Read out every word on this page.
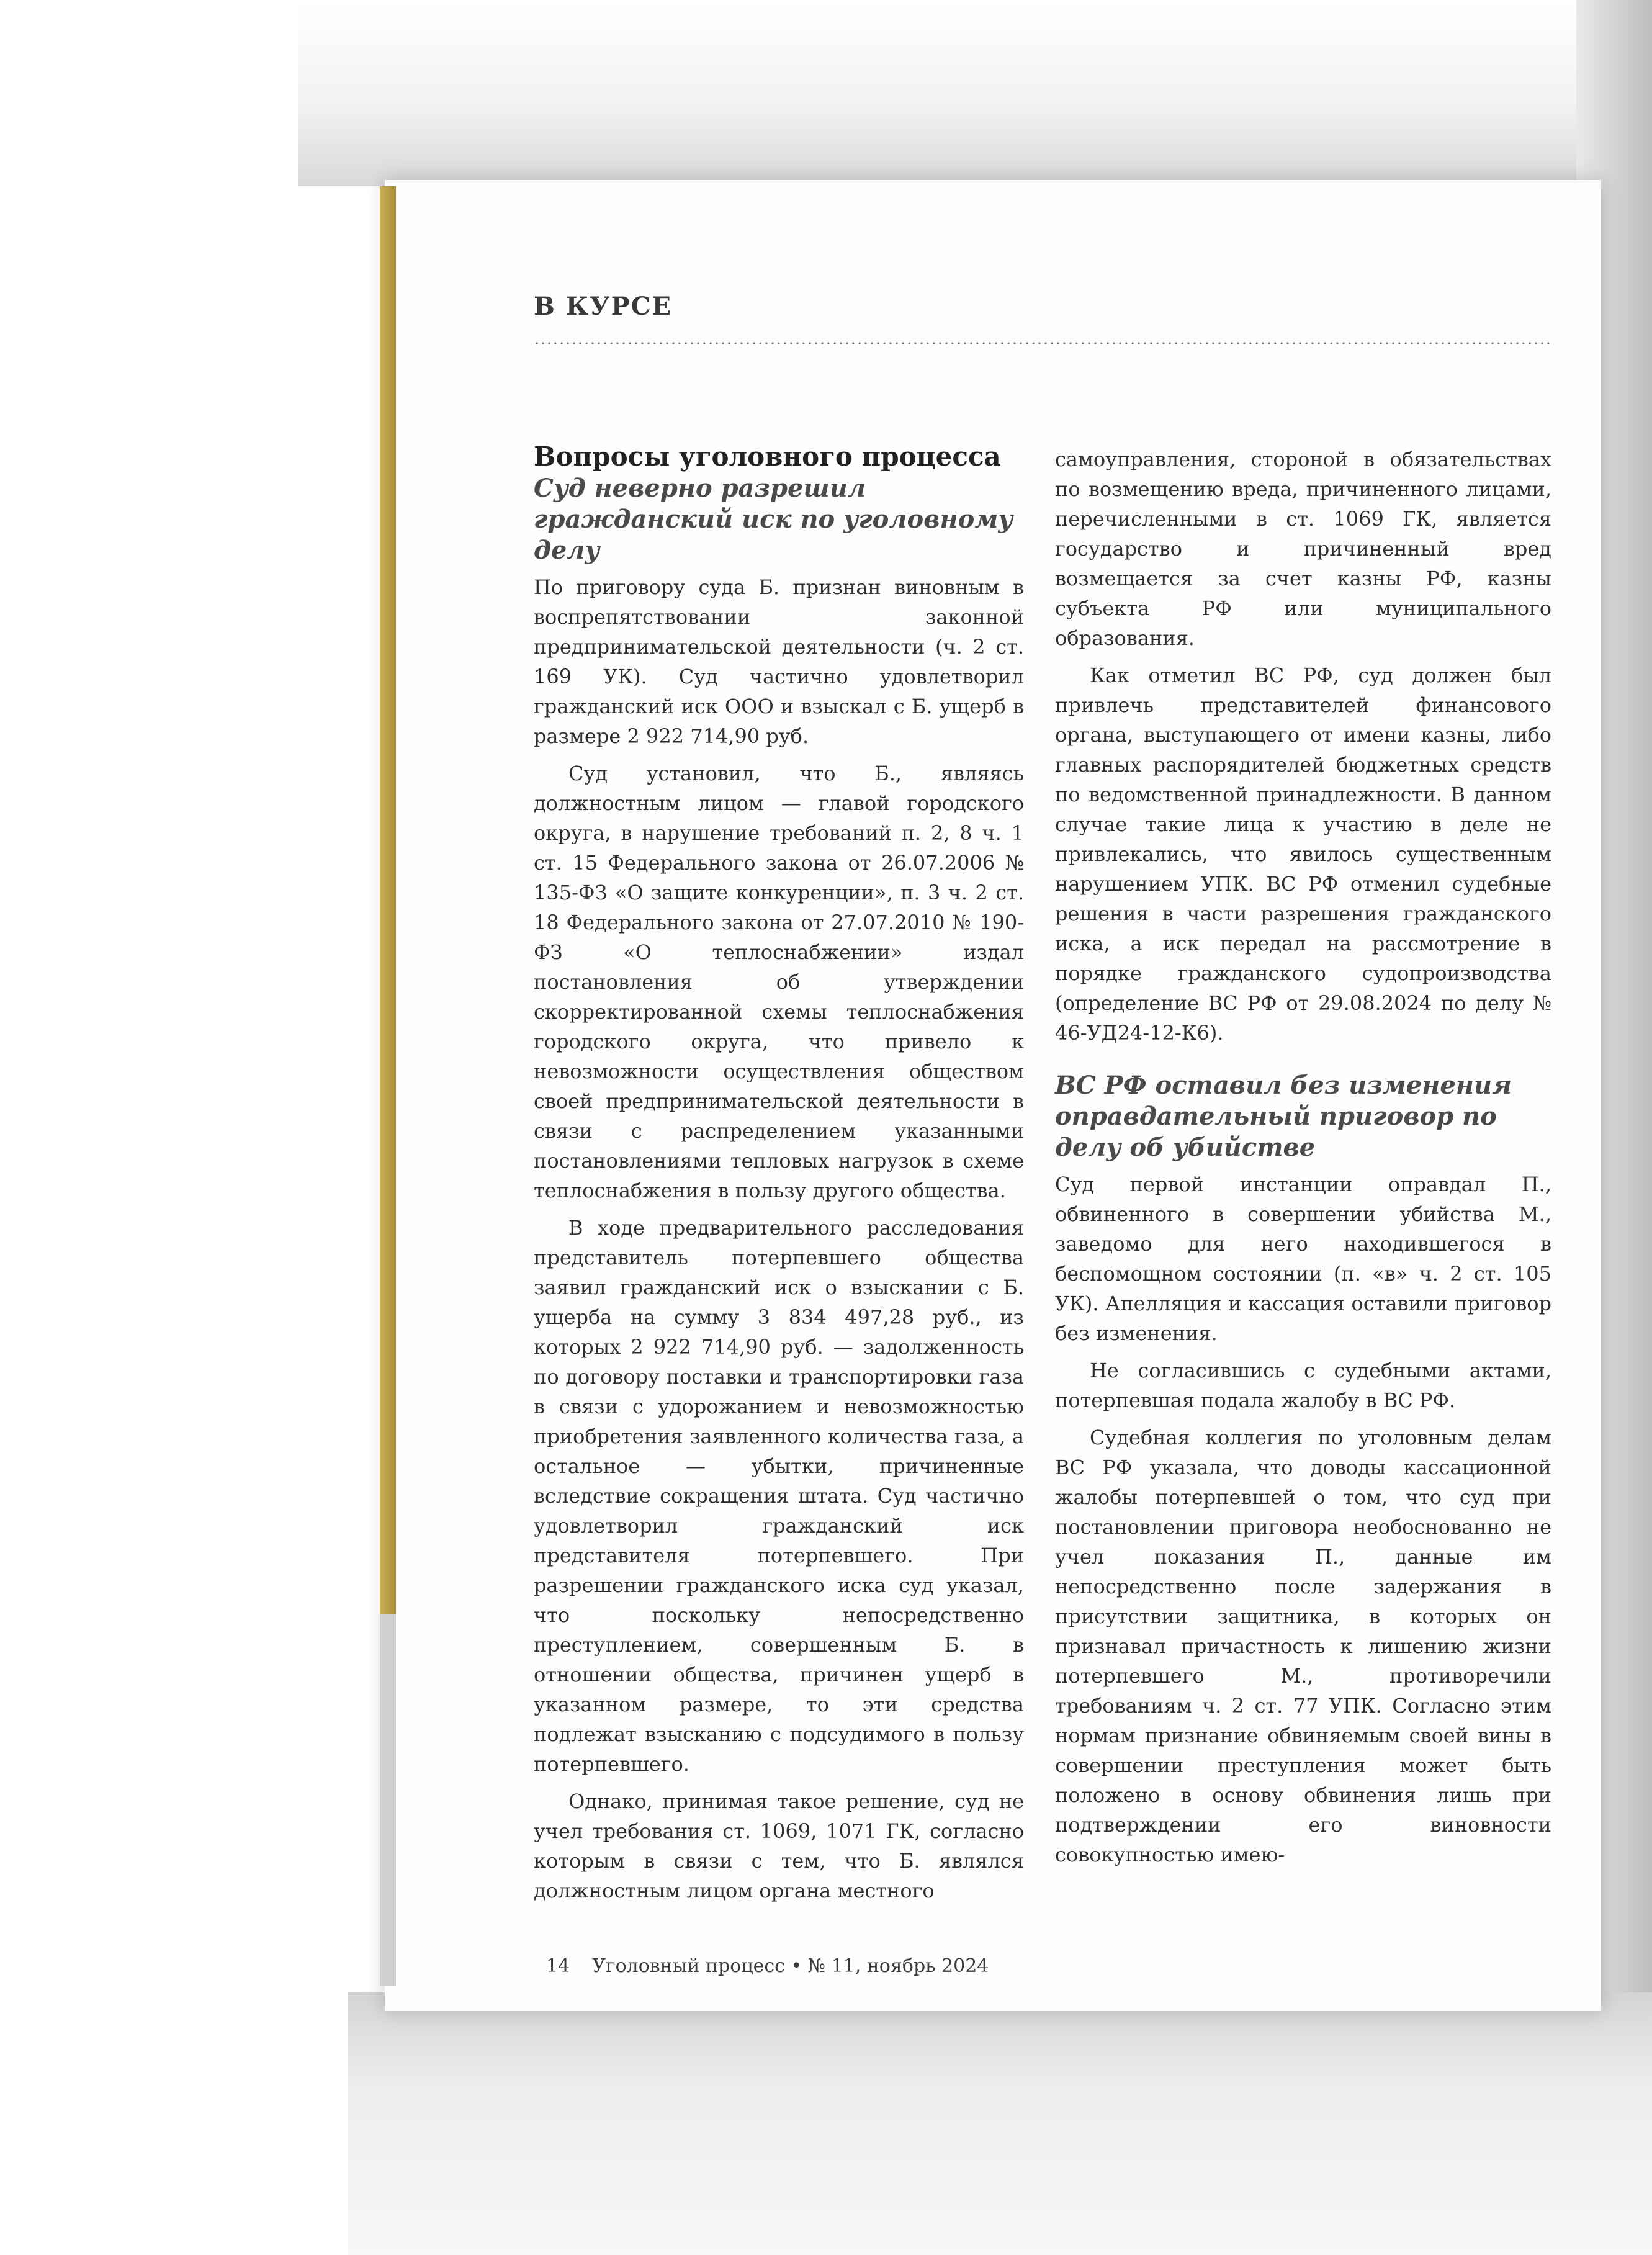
В КУРСЕ
Вопросы уголовного процесса
Суд неверно разрешил гражданский иск по уголовному делу

По приговору суда Б. признан виновным в воспрепятствовании законной предпринимательской деятельности (ч. 2 ст. 169 УК). Суд частично удовлетворил гражданский иск ООО и взыскал с Б. ущерб в размере 2 922 714,90 руб.

Суд установил, что Б., являясь должностным лицом — главой городского округа, в нарушение требований п. 2, 8 ч. 1 ст. 15 Федерального закона от 26.07.2006 № 135-ФЗ «О защите конкуренции», п. 3 ч. 2 ст. 18 Федерального закона от 27.07.2010 № 190-ФЗ «О теплоснабжении» издал постановления об утверждении скорректированной схемы теплоснабжения городского округа, что привело к невозможности осуществления обществом своей предпринимательской деятельности в связи с распределением указанными постановлениями тепловых нагрузок в схеме теплоснабжения в пользу другого общества.

В ходе предварительного расследования представитель потерпевшего общества заявил гражданский иск о взыскании с Б. ущерба на сумму 3 834 497,28 руб., из которых 2 922 714,90 руб. — задолженность по договору поставки и транспортировки газа в связи с удорожанием и невозможностью приобретения заявленного количества газа, а остальное — убытки, причиненные вследствие сокращения штата. Суд частично удовлетворил гражданский иск представителя потерпевшего. При разрешении гражданского иска суд указал, что поскольку непосредственно преступлением, совершенным Б. в отношении общества, причинен ущерб в указанном размере, то эти средства подлежат взысканию с подсудимого в пользу потерпевшего.

Однако, принимая такое решение, суд не учел требования ст. 1069, 1071 ГК, согласно которым в связи с тем, что Б. являлся должностным лицом органа местного

самоуправления, стороной в обязательствах по возмещению вреда, причиненного лицами, перечисленными в ст. 1069 ГК, является государство и причиненный вред возмещается за счет казны РФ, казны субъекта РФ или муниципального образования.

Как отметил ВС РФ, суд должен был привлечь представителей финансового органа, выступающего от имени казны, либо главных распорядителей бюджетных средств по ведомственной принадлежности. В данном случае такие лица к участию в деле не привлекались, что явилось существенным нарушением УПК. ВС РФ отменил судебные решения в части разрешения гражданского иска, а иск передал на рассмотрение в порядке гражданского судопроизводства (определение ВС РФ от 29.08.2024 по делу № 46-УД24-12-К6).

ВС РФ оставил без изменения оправдательный приговор по делу об убийстве

Суд первой инстанции оправдал П., обвиненного в совершении убийства М., заведомо для него находившегося в беспомощном состоянии (п. «в» ч. 2 ст. 105 УК). Апелляция и кассация оставили приговор без изменения.

Не согласившись с судебными актами, потерпевшая подала жалобу в ВС РФ.

Судебная коллегия по уголовным делам ВС РФ указала, что доводы кассационной жалобы потерпевшей о том, что суд при постановлении приговора необоснованно не учел показания П., данные им непосредственно после задержания в присутствии защитника, в которых он признавал причастность к лишению жизни потерпевшего М., противоречили требованиям ч. 2 ст. 77 УПК. Согласно этим нормам признание обвиняемым своей вины в совершении преступления может быть положено в основу обвинения лишь при подтверждении его виновности совокупностью имею-

14 Уголовный процесс • № 11, ноябрь 2024
